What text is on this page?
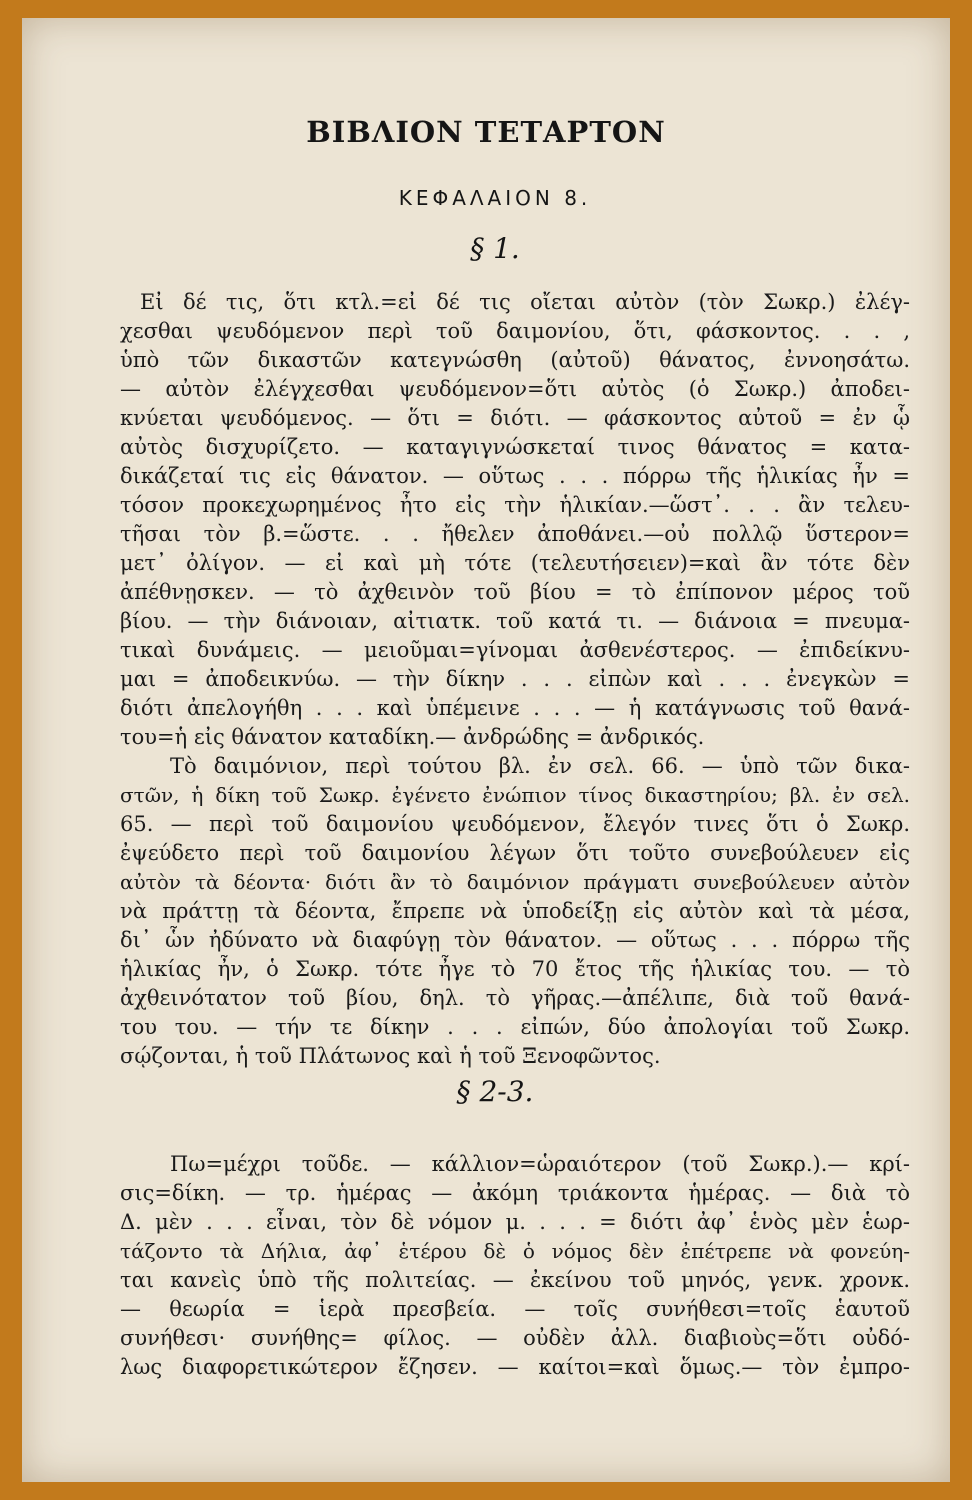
ΒΙΒΛΙΟΝ ΤΕΤΑΡΤΟΝ
ΚΕΦΑΛΑΙΟΝ 8.
§ 1.
Εἰ δέ τις, ὅτι κτλ.=εἰ δέ τις οἴεται αὐτὸν (τὸν Σωκρ.) ἐλέγ-
χεσθαι ψευδόμενον περὶ τοῦ δαιμονίου, ὅτι, φάσκοντος. . . ,
ὑπὸ τῶν δικαστῶν κατεγνώσθη (αὐτοῦ) θάνατος, ἐννοησάτω.
— αὐτὸν ἐλέγχεσθαι ψευδόμενον=ὅτι αὐτὸς (ὁ Σωκρ.) ἀποδει-
κνύεται ψευδόμενος. — ὅτι = διότι. — φάσκοντος αὐτοῦ = ἐν ᾧ
αὐτὸς δισχυρίζετο. — καταγιγνώσκεταί τινος θάνατος = κατα-
δικάζεταί τις εἰς θάνατον. — οὕτως . . . πόρρω τῆς ἡλικίας ἦν =
τόσον προκεχωρημένος ἦτο εἰς τὴν ἡλικίαν.—ὥστ᾽. . . ἂν τελευ-
τῆσαι τὸν β.=ὥστε. . . ἤθελεν ἀποθάνει.—οὐ πολλῷ ὕστερον=
μετ᾽ ὀλίγον. — εἰ καὶ μὴ τότε (τελευτήσειεν)=καὶ ἂν τότε δὲν
ἀπέθνῃσκεν. — τὸ ἀχθεινὸν τοῦ βίου = τὸ ἐπίπονον μέρος τοῦ
βίου. — τὴν διάνοιαν, αἰτιατκ. τοῦ κατά τι. — διάνοια = πνευμα-
τικαὶ δυνάμεις. — μειοῦμαι=γίνομαι ἀσθενέστερος. — ἐπιδείκνυ-
μαι = ἀποδεικνύω. — τὴν δίκην . . . εἰπὼν καὶ . . . ἐνεγκὼν =
διότι ἀπελογήθη . . . καὶ ὑπέμεινε . . . — ἡ κατάγνωσις τοῦ θανά-
του=ἡ εἰς θάνατον καταδίκη.— ἀνδρώδης = ἀνδρικός.
Τὸ δαιμόνιον, περὶ τούτου βλ. ἐν σελ. 66. — ὑπὸ τῶν δικα-
στῶν, ἡ δίκη τοῦ Σωκρ. ἐγένετο ἐνώπιον τίνος δικαστηρίου; βλ. ἐν σελ.
65. — περὶ τοῦ δαιμονίου ψευδόμενον, ἔλεγόν τινες ὅτι ὁ Σωκρ.
ἐψεύδετο περὶ τοῦ δαιμονίου λέγων ὅτι τοῦτο συνεβούλευεν εἰς
αὐτὸν τὰ δέοντα· διότι ἂν τὸ δαιμόνιον πράγματι συνεβούλευεν αὐτὸν
νὰ πράττῃ τὰ δέοντα, ἔπρεπε νὰ ὑποδείξῃ εἰς αὐτὸν καὶ τὰ μέσα,
δι᾽ ὧν ἠδύνατο νὰ διαφύγῃ τὸν θάνατον. — οὕτως . . . πόρρω τῆς
ἡλικίας ἦν, ὁ Σωκρ. τότε ἦγε τὸ 70 ἔτος τῆς ἡλικίας του. — τὸ
ἀχθεινότατον τοῦ βίου, δηλ. τὸ γῆρας.—ἀπέλιπε, διὰ τοῦ θανά-
του του. — τήν τε δίκην . . . εἰπών, δύο ἀπολογίαι τοῦ Σωκρ.
σῴζονται, ἡ τοῦ Πλάτωνος καὶ ἡ τοῦ Ξενοφῶντος.
§ 2-3.
Πω=μέχρι τοῦδε. — κάλλιον=ὡραιότερον (τοῦ Σωκρ.).— κρί-
σις=δίκη. — τρ. ἡμέρας — ἀκόμη τριάκοντα ἡμέρας. — διὰ τὸ
Δ. μὲν . . . εἶναι, τὸν δὲ νόμον μ. . . . = διότι ἀφ᾽ ἑνὸς μὲν ἑωρ-
τάζοντο τὰ Δήλια, ἀφ᾽ ἑτέρου δὲ ὁ νόμος δὲν ἐπέτρεπε νὰ φονεύη-
ται κανεὶς ὑπὸ τῆς πολιτείας. — ἐκείνου τοῦ μηνός, γενκ. χρονκ.
— θεωρία = ἱερὰ πρεσβεία. — τοῖς συνήθεσι=τοῖς ἑαυτοῦ
συνήθεσι· συνήθης= φίλος. — οὐδὲν ἀλλ. διαβιοὺς=ὅτι οὐδό-
λως διαφορετικώτερον ἔζησεν. — καίτοι=καὶ ὅμως.— τὸν ἐμπρο-
